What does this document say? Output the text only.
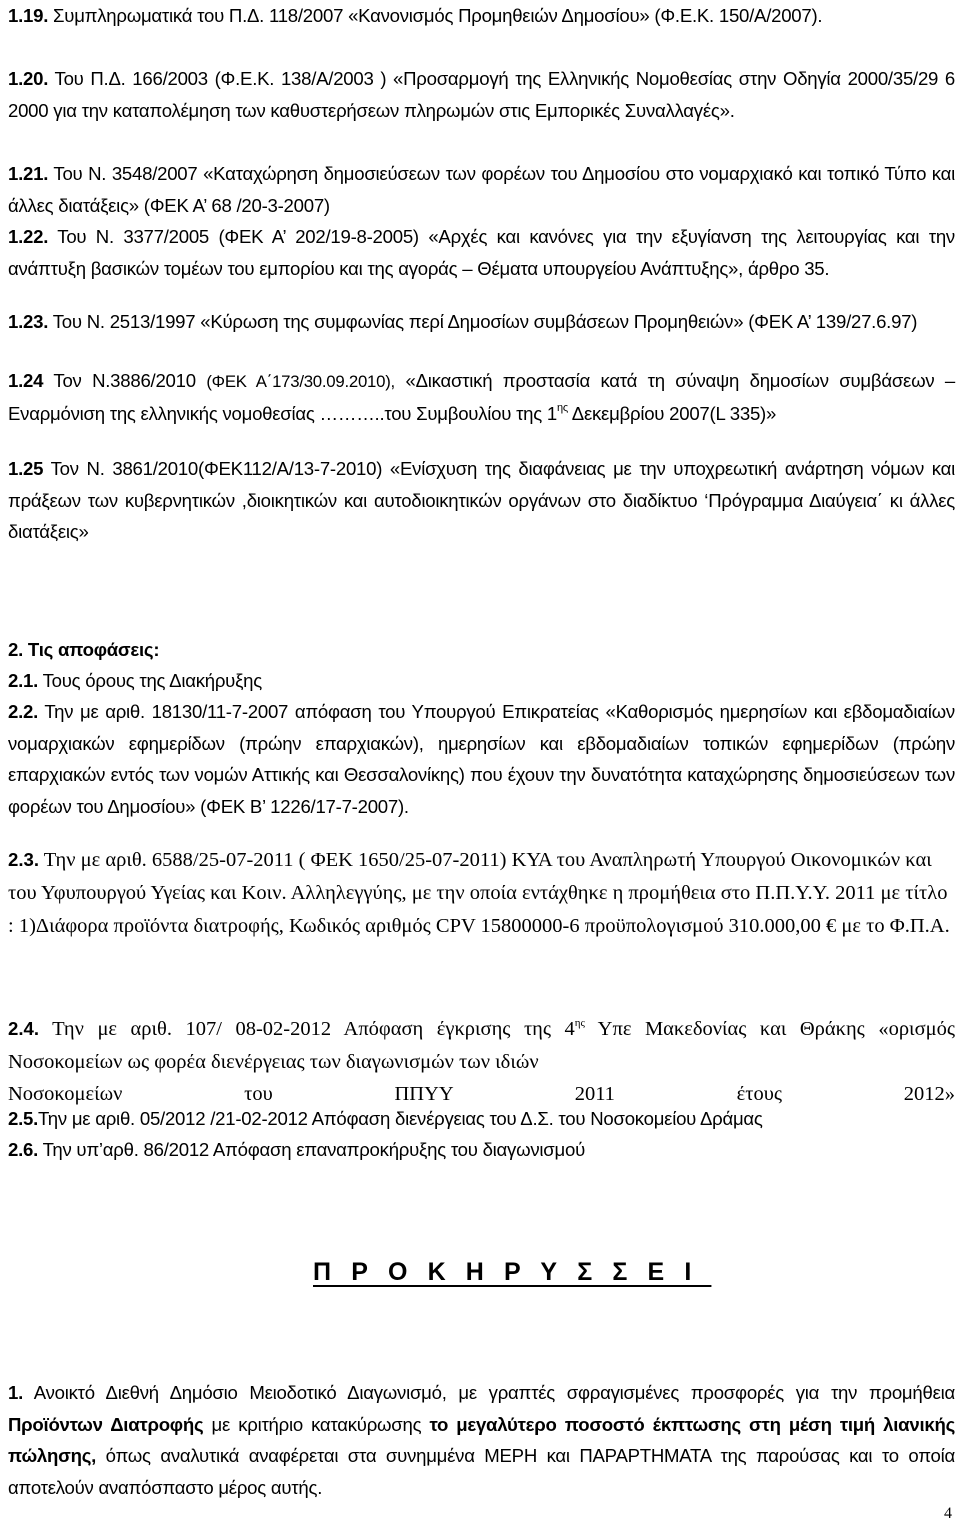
1.19. Συμπληρωματικά του Π.Δ. 118/2007 «Κανονισμός Προμηθειών Δημοσίου» (Φ.Ε.Κ. 150/Α/2007).

1.20. Του Π.Δ. 166/2003 (Φ.Ε.Κ. 138/Α/2003 ) «Προσαρμογή της Ελληνικής Νομοθεσίας στην Οδηγία 2000/35/29 6 2000 για την καταπολέμηση των καθυστερήσεων πληρωμών στις Εμπορικές Συναλλαγές».

1.21. Του Ν. 3548/2007 «Καταχώρηση δημοσιεύσεων των φορέων του Δημοσίου στο νομαρχιακό και τοπικό Τύπο και άλλες διατάξεις» (ΦΕΚ Α’ 68 /20-3-2007)

1.22. Του Ν. 3377/2005 (ΦΕΚ Α’ 202/19-8-2005) «Αρχές και κανόνες για την εξυγίανση της λειτουργίας και την ανάπτυξη βασικών τομέων του εμπορίου και της αγοράς – Θέματα υπουργείου Ανάπτυξης», άρθρο 35.

1.23. Του Ν. 2513/1997 «Κύρωση της συμφωνίας περί Δημοσίων συμβάσεων Προμηθειών» (ΦΕΚ Α’ 139/27.6.97)

1.24 Τον Ν.3886/2010 (ΦΕΚ Α΄173/30.09.2010), «Δικαστική προστασία κατά τη σύναψη δημοσίων συμβάσεων – Εναρμόνιση της ελληνικής νομοθεσίας ………..του Συμβουλίου της $1^{\eta\varsigma}$ Δεκεμβρίου 2007(L 335)»

1.25 Τον Ν. 3861/2010(ΦΕΚ112/Α/13-7-2010) «Ενίσχυση της διαφάνειας με την υποχρεωτική ανάρτηση νόμων και πράξεων των κυβερνητικών ,διοικητικών και αυτοδιοικητικών οργάνων στο διαδίκτυο ‘Πρόγραμμα Διαύγεια΄ κι άλλες διατάξεις»

2. Τις αποφάσεις:

2.1. Τους όρους της Διακήρυξης

2.2. Την με αριθ. 18130/11-7-2007 απόφαση του Υπουργού Επικρατείας «Καθορισμός ημερησίων και εβδομαδιαίων νομαρχιακών εφημερίδων (πρώην επαρχιακών), ημερησίων και εβδομαδιαίων τοπικών εφημερίδων (πρώην επαρχιακών εντός των νομών Αττικής και Θεσσαλονίκης) που έχουν την δυνατότητα καταχώρησης δημοσιεύσεων των φορέων του Δημοσίου» (ΦΕΚ Β’ 1226/17-7-2007).

2.3. Την με αριθ. 6588/25-07-2011 ( ΦΕΚ 1650/25-07-2011) ΚΥΑ του Αναπληρωτή Υπουργού Οικονομικών και του Υφυπουργού Υγείας και Κοιν. Αλληλεγγύης, με την οποία εντάχθηκε η προμήθεια στο Π.Π.Υ.Υ. 2011 με τίτλο : 1)Διάφορα προϊόντα διατροφής, Κωδικός αριθμός CPV 15800000-6 προϋπολογισμού 310.000,00 € με το Φ.Π.Α.

2.4. Την με αριθ. 107/ 08-02-2012 Απόφαση έγκρισης της $4^{\eta\varsigma}$ Υπε Μακεδονίας και Θράκης «ορισμός Νοσοκομείων ως φορέα διενέργειας των διαγωνισμών των ιδιών

Νοσοκομείων	του	ΠΠΥΥ	2011	έτους	2012»

2.5.Την με αριθ. 05/2012 /21-02-2012 Απόφαση διενέργειας του Δ.Σ. του Νοσοκομείου Δράμας

2.6. Την υπ’αρθ. 86/2012 Απόφαση επαναπροκήρυξης του διαγωνισμού

Π Ρ Ο Κ Η Ρ Υ Σ Σ Ε Ι

1. Ανοικτό Διεθνή Δημόσιο Μειοδοτικό Διαγωνισμό, με γραπτές σφραγισμένες προσφορές για την προμήθεια Προϊόντων Διατροφής με κριτήριο κατακύρωσης το μεγαλύτερο ποσοστό έκπτωσης στη μέση τιμή λιανικής πώλησης, όπως αναλυτικά αναφέρεται στα συνημμένα ΜΕΡΗ και ΠΑΡΑΡΤΗΜΑΤΑ της παρούσας και το οποία αποτελούν αναπόσπαστο μέρος αυτής.

4
